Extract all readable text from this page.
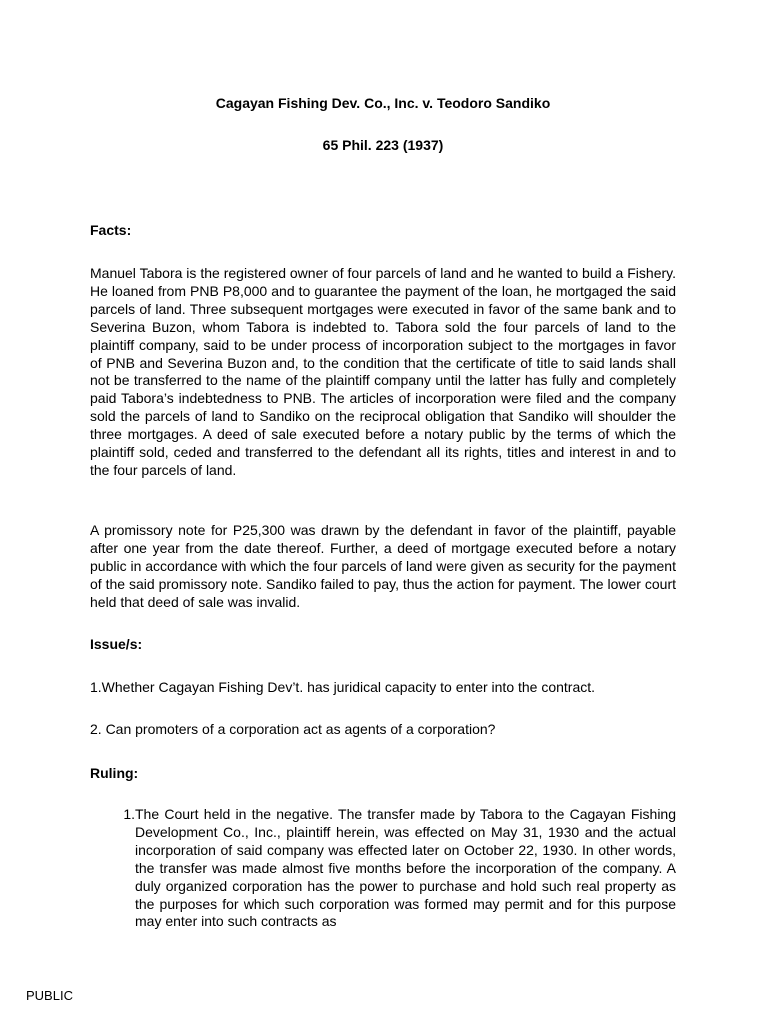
Cagayan Fishing Dev. Co., Inc. v. Teodoro Sandiko
65 Phil. 223 (1937)
Facts:
Manuel Tabora is the registered owner of four parcels of land and he wanted to build a Fishery. He loaned from PNB P8,000 and to guarantee the payment of the loan, he mortgaged the said parcels of land. Three subsequent mortgages were executed in favor of the same bank and to Severina Buzon, whom Tabora is indebted to. Tabora sold the four parcels of land to the plaintiff company, said to be under process of incorporation subject to the mortgages in favor of PNB and Severina Buzon and, to the condition that the certificate of title to said lands shall not be transferred to the name of the plaintiff company until the latter has fully and completely paid Tabora’s indebtedness to PNB. The articles of incorporation were filed and the company sold the parcels of land to Sandiko on the reciprocal obligation that Sandiko will shoulder the three mortgages. A deed of sale executed before a notary public by the terms of which the plaintiff sold, ceded and transferred to the defendant all its rights, titles and interest in and to the four parcels of land.
A promissory note for P25,300 was drawn by the defendant in favor of the plaintiff, payable after one year from the date thereof. Further, a deed of mortgage executed before a notary public in accordance with which the four parcels of land were given as security for the payment of the said promissory note. Sandiko failed to pay, thus the action for payment. The lower court held that deed of sale was invalid.
Issue/s:
1.Whether Cagayan Fishing Dev’t. has juridical capacity to enter into the contract.
2. Can promoters of a corporation act as agents of a corporation?
Ruling:
1. The Court held in the negative. The transfer made by Tabora to the Cagayan Fishing Development Co., Inc., plaintiff herein, was effected on May 31, 1930 and the actual incorporation of said company was effected later on October 22, 1930. In other words, the transfer was made almost five months before the incorporation of the company. A duly organized corporation has the power to purchase and hold such real property as the purposes for which such corporation was formed may permit and for this purpose may enter into such contracts as
PUBLIC
